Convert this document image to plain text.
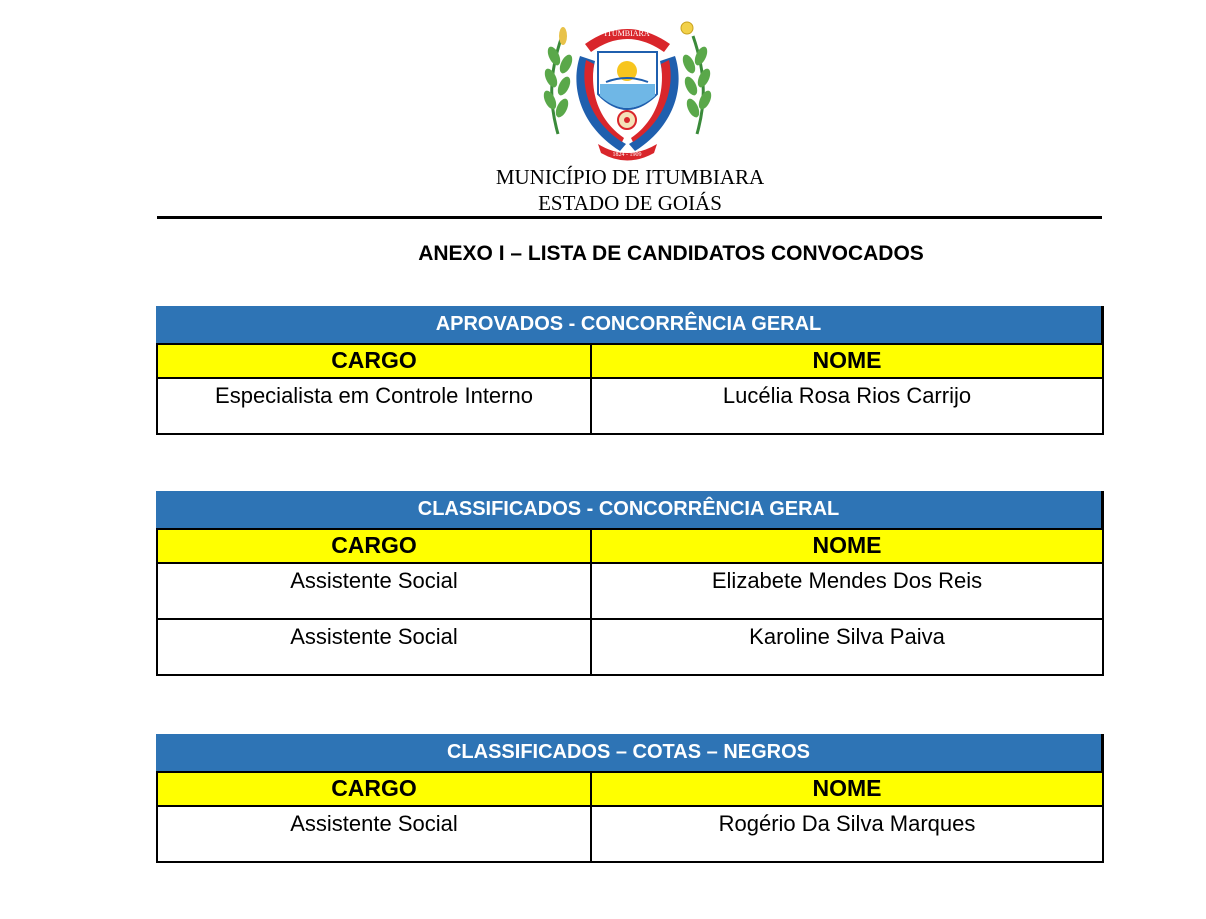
ITUMBIARA
1824 - 1909
MUNICÍPIO DE ITUMBIARA
ESTADO DE GOIÁS
ANEXO I – LISTA DE CANDIDATOS CONVOCADOS
APROVADOS - CONCORRÊNCIA GERAL
CARGO	NOME
Especialista em Controle Interno	Lucélia Rosa Rios Carrijo
CLASSIFICADOS - CONCORRÊNCIA GERAL
CARGO	NOME
Assistente Social	Elizabete Mendes Dos Reis
Assistente Social	Karoline Silva Paiva
CLASSIFICADOS – COTAS – NEGROS
CARGO	NOME
Assistente Social	Rogério Da Silva Marques
